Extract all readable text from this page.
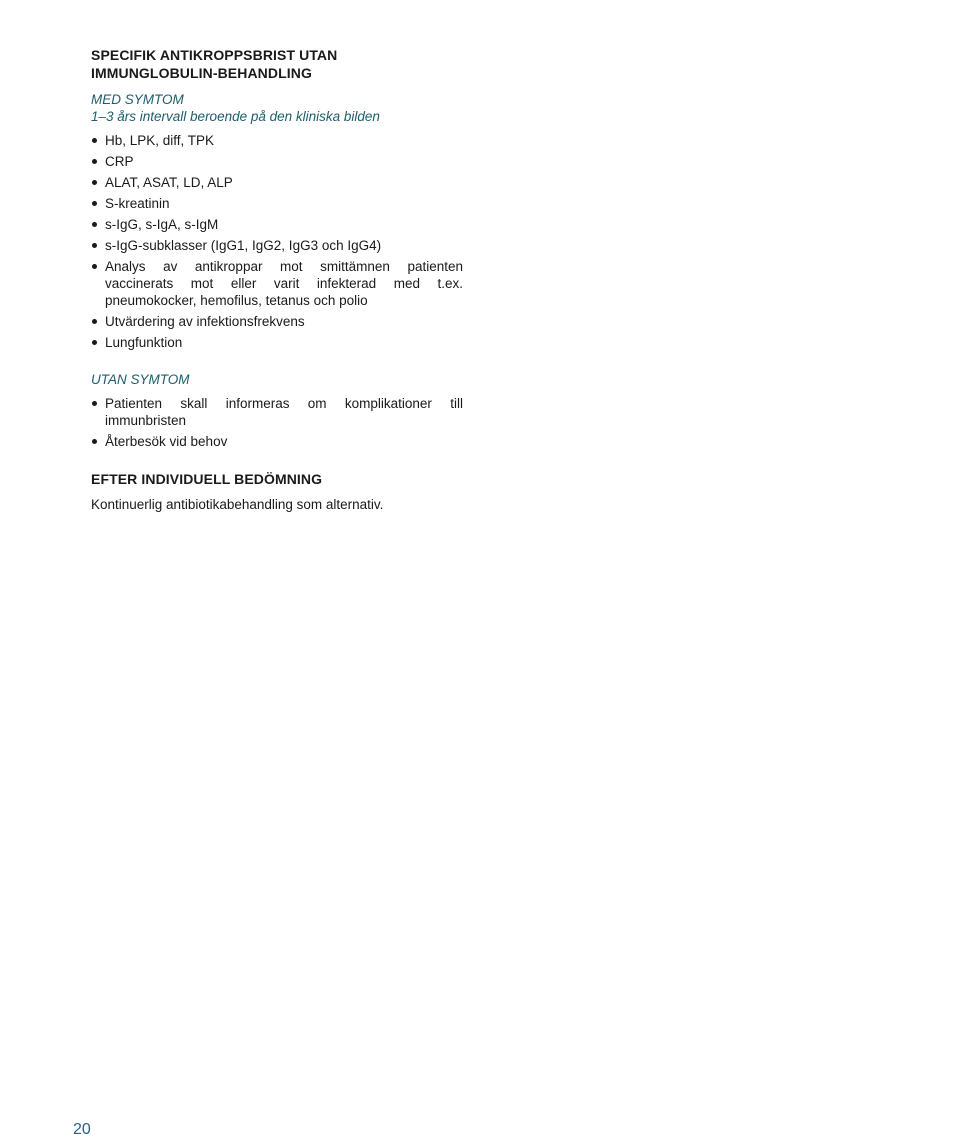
SPECIFIK ANTIKROPPSBRIST UTAN IMMUNGLOBULIN-BEHANDLING

MED SYMTOM

1–3 års intervall beroende på den kliniska bilden

Hb, LPK, diff, TPK
CRP
ALAT, ASAT, LD, ALP
S-kreatinin
s-IgG, s-IgA, s-IgM
s-IgG-subklasser (IgG1, IgG2, IgG3 och IgG4)
Analys av antikroppar mot smittämnen patienten vaccinerats mot eller varit infekterad med t.ex. pneumokocker, hemofilus, tetanus och polio
Utvärdering av infektionsfrekvens
Lungfunktion

UTAN SYMTOM

Patienten skall informeras om komplikationer till immunbristen
Återbesök vid behov
EFTER INDIVIDUELL BEDÖMNING

Kontinuerlig antibiotikabehandling som alternativ.

20
